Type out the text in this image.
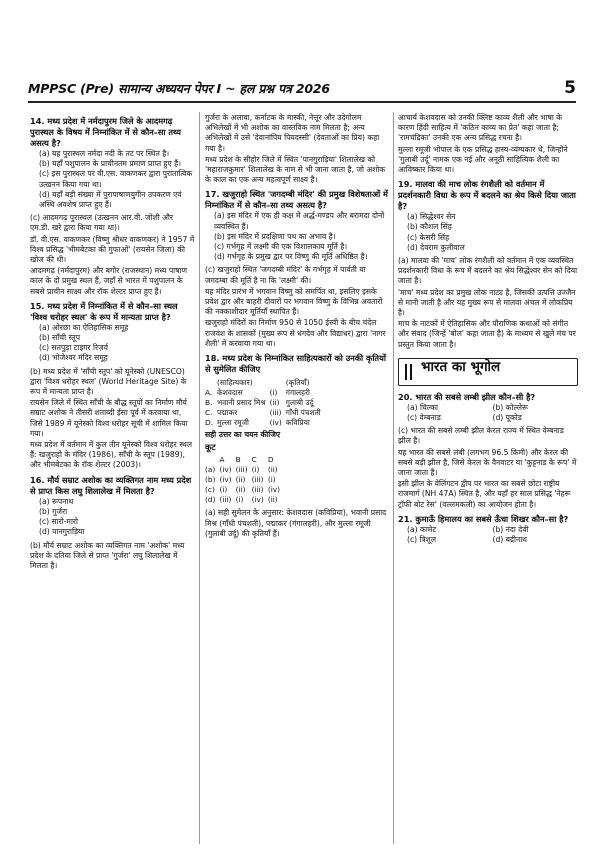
MPPSC (Pre) सामान्य अध्ययन पेपर I ~ हल प्रश्न पत्र 2026	5
14. मध्य प्रदेश में नर्मदापुरम जिले के आदमगढ़ पुरास्थल के विषय में निम्नांकित में से कौन–सा तथ्य असत्य है?
(a) यह पुरास्थल नर्मदा नदी के तट पर स्थित है।
(b) यहाँ पशुपालन के प्राचीनतम प्रमाण प्राप्त हुए हैं।
(c) इस पुरास्थल पर वी.एस. वाकणकर द्वारा पुरातात्विक उत्खनन किया गया था।
(d) यहाँ बड़ी संख्या में पुरापाषाणयुगीन उपकरण एवं अस्थि अवशेष प्राप्त हुए हैं।
(c) आदमगढ़ पुरास्थल (उत्खनन आर.वी. जोशी और एम.डी. खरे द्वारा किया गया था)।
डॉ. वी.एस. वाकणकर (विष्णु श्रीधर वाकणकर) ने 1957 में विश्व प्रसिद्ध 'भीमबेटका की गुफाओं' (रायसेन जिला) की खोज की थी।
आदमगढ़ (नर्मदापुरम) और बगोर (राजस्थान) मध्य पाषाण काल के दो प्रमुख स्थल हैं, जहाँ से भारत में पशुपालन के सबसे प्राचीन साक्ष्य और रॉक शेल्टर प्राप्त हुए हैं।
15. मध्य प्रदेश में निम्नांकित में से कौन–सा स्थल 'विश्व धरोहर स्थल' के रूप में मान्यता प्राप्त है?
(a) ओरछा का ऐतिहासिक समूह
(b) साँची स्तूप
(c) सतपुड़ा टाइगर रिज़र्व
(d) भोजेश्वर मंदिर समूह
(b) मध्य प्रदेश में 'साँची स्तूप' को यूनेस्को (UNESCO) द्वारा 'विश्व धरोहर स्थल' (World Heritage Site) के रूप में मान्यता प्राप्त है।
रायसेन जिले में स्थित साँची के बौद्ध स्तूपों का निर्माण मौर्य सम्राट अशोक ने तीसरी शताब्दी ईसा पूर्व में करवाया था, जिसे 1989 में यूनेस्को विश्व धरोहर सूची में शामिल किया गया।
मध्य प्रदेश में वर्तमान में कुल तीन यूनेस्को विश्व धरोहर स्थल हैं: खजुराहो के मंदिर (1986), साँची के स्तूप (1989), और भीमबेटका के रॉक शेल्टर (2003)।
16. मौर्य सम्राट अशोक का व्यक्तिगत नाम मध्य प्रदेश से प्राप्त किस लघु शिलालेख में मिलता है?
(a) रूपनाथ
(b) गुर्जरा
(c) सारो-मारो
(d) पानगुराड़िया
(b) मौर्य सम्राट अशोक का व्यक्तिगत नाम 'अशोक' मध्य प्रदेश के दतिया जिले से प्राप्त 'गुर्जरा' लघु शिलालेख में मिलता है।
गुर्जरा के अलावा, कर्नाटक के मास्की, नेत्तूर और उदेगोलम अभिलेखों में भी अशोक का वास्तविक नाम मिलता है; अन्य अभिलेखों में उसे 'देवानांपिय पियदस्सी' (देवताओं का प्रिय) कहा गया है।
मध्य प्रदेश के सीहोर जिले में स्थित 'पानगुराड़िया' शिलालेख को 'महाराजकुमार' शिलालेख के नाम से भी जाना जाता है, जो अशोक के काल का एक अन्य महत्वपूर्ण साक्ष्य है।
17. खजुराहो स्थित 'जगदम्बी मंदिर' की प्रमुख विशेषताओं में निम्नांकित में से कौन–सा तथ्य असत्य है?
(a) इस मंदिर में एक ही कक्ष में अर्द्ध-मण्डप और बरामदा दोनों व्यवस्थित हैं।
(b) इस मंदिर में प्रदक्षिणा पथ का अभाव है।
(c) गर्भगृह में लक्ष्मी की एक विशालकाय मूर्ति है।
(d) गर्भगृह के प्रमुख द्वार पर विष्णु की मूर्ति अधिष्ठित है।
(c) खजुराहो स्थित 'जगदम्बी मंदिर' के गर्भगृह में पार्वती या जगदम्बा की मूर्ति है ना कि 'लक्ष्मी' की।
यह मंदिर प्रारंभ में भगवान विष्णु को समर्पित था, इसलिए इसके प्रवेश द्वार और बाहरी दीवारों पर भगवान विष्णु के विभिन्न अवतारों की नक्काशीदार मूर्तियाँ स्थापित हैं।
खजुराहो मंदिरों का निर्माण 950 से 1050 ईस्वी के बीच चंदेल राजवंश के शासकों (मुख्य रूप से धंगदेव और विद्याधर) द्वारा 'नागर शैली' में करवाया गया था।
18. मध्य प्रदेश के निम्नांकित साहित्यकारों को उनकी कृतियों से सुमेलित कीजिए
	(साहित्यकार)		(कृतियाँ)
A.	केशवदास	(i)	गंगालहरी
B.	भवानी प्रसाद मिश्र	(ii)	गुलाबी उर्दू
C.	पद्माकर	(iii)	गाँधी पंचशती
D.	मुल्ला रमूजी	(iv)	कविप्रिया
सही उत्तर का चयन कीजिए
कूट
	A	B	C	D
(a)	(iv)	(iii)	(i)	(ii)
(b)	(iv)	(ii)	(iii)	(i)
(c)	(i)	(ii)	(iii)	(iv)
(d)	(iii)	(i)	(iv)	(ii)
(a) सही सुमेलन के अनुसार: केशवदास (कविप्रिया), भवानी प्रसाद मिश्र (गाँधी पंचशती), पद्माकर (गंगालहरी), और मुल्ला रमूजी (गुलाबी उर्दू) की कृतियाँ हैं।
आचार्य केशवदास को उनकी क्लिष्ट काव्य शैली और भाषा के कारण हिंदी साहित्य में 'कठिन काव्य का प्रेत' कहा जाता है; 'रामचंद्रिका' उनकी एक अन्य प्रसिद्ध रचना है।
मुल्ला रमूजी भोपाल के एक प्रसिद्ध हास्य-व्यंग्यकार थे, जिन्होंने 'गुलाबी उर्दू' नामक एक नई और अनूठी साहित्यिक शैली का आविष्कार किया था।
19. मालवा की माच लोक रंगशैली को वर्तमान में प्रदर्शनकारी विधा के रूप में बदलने का श्रेय किसे दिया जाता है?
(a) सिद्धेश्वर सेन
(b) कौशल सिंह
(c) केसरी सिंह
(d) देवराम कुलीवाल
(a) मालवा की 'माच' लोक रंगशैली को वर्तमान में एक व्यवस्थित प्रदर्शनकारी विधा के रूप में बदलने का श्रेय सिद्धेश्वर सेन को दिया जाता है।
'माच' मध्य प्रदेश का प्रमुख लोक नाट्य है, जिसकी उत्पत्ति उज्जैन से मानी जाती है और यह मुख्य रूप से मालवा अंचल में लोकप्रिय है।
माच के नाटकों में ऐतिहासिक और पौराणिक कथाओं को संगीत और संवाद (जिन्हें 'बोल' कहा जाता है) के माध्यम से खुले मंच पर प्रस्तुत किया जाता है।
भारत का भूगोल
20. भारत की सबसे लम्बी झील कौन–सी है?
(a) चिल्का	(b) कोल्लेरू
(c) वेम्बनाड	(d) पूकोड
(c) भारत की सबसे लम्बी झील केरल राज्य में स्थित वेम्बनाड झील है।
यह भारत की सबसे लंबी (लगभग 96.5 किमी) और केरल की सबसे बड़ी झील है, जिसे केरल के वैनवाटर या 'कुट्टनाड के रूप' में जाना जाता है।
इसी झील के वेलिंगटन द्वीप पर भारत का सबसे छोटा राष्ट्रीय राजमार्ग (NH 47A) स्थित है, और यहाँ हर साल प्रसिद्ध 'नेहरू ट्रॉफी बोट रेस' (वल्लमकली) का आयोजन होता है।
21. कुमाऊँ हिमालय का सबसे ऊँचा शिखर कौन–सा है?
(a) कामेट	(b) नंदा देवी
(c) त्रिशूल	(d) बद्रीनाथ
